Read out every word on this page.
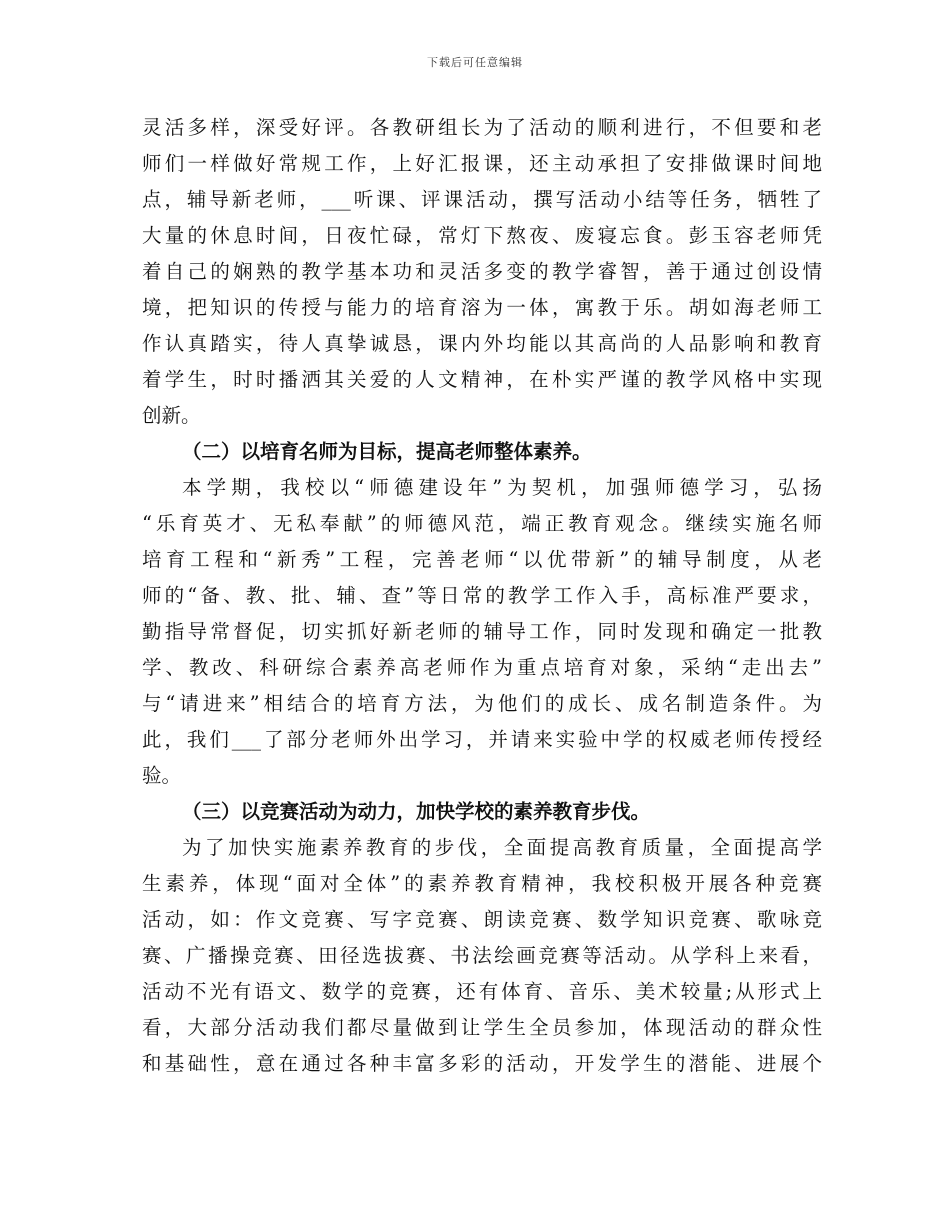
下载后可任意编辑
灵活多样，深受好评。各教研组长为了活动的顺利进行，不但要和老
师们一样做好常规工作，上好汇报课，还主动承担了安排做课时间地
点，辅导新老师，___听课、评课活动，撰写活动小结等任务，牺牲了
大量的休息时间，日夜忙碌，常灯下熬夜、废寝忘食。彭玉容老师凭
着自己的娴熟的教学基本功和灵活多变的教学睿智，善于通过创设情
境，把知识的传授与能力的培育溶为一体，寓教于乐。胡如海老师工
作认真踏实，待人真挚诚恳，课内外均能以其高尚的人品影响和教育
着学生，时时播洒其关爱的人文精神，在朴实严谨的教学风格中实现
创新。
（二）以培育名师为目标，提高老师整体素养。
本学期，我校以“师德建设年”为契机，加强师德学习，弘扬
“乐育英才、无私奉献”的师德风范，端正教育观念。继续实施名师
培育工程和“新秀”工程，完善老师“以优带新”的辅导制度，从老
师的“备、教、批、辅、查”等日常的教学工作入手，高标准严要求，
勤指导常督促，切实抓好新老师的辅导工作，同时发现和确定一批教
学、教改、科研综合素养高老师作为重点培育对象，采纳“走出去”
与“请进来”相结合的培育方法，为他们的成长、成名制造条件。为
此，我们___了部分老师外出学习，并请来实验中学的权威老师传授经
验。
（三）以竞赛活动为动力，加快学校的素养教育步伐。
为了加快实施素养教育的步伐，全面提高教育质量，全面提高学
生素养，体现“面对全体”的素养教育精神，我校积极开展各种竞赛
活动，如：作文竞赛、写字竞赛、朗读竞赛、数学知识竞赛、歌咏竞
赛、广播操竞赛、田径选拔赛、书法绘画竞赛等活动。从学科上来看，
活动不光有语文、数学的竞赛，还有体育、音乐、美术较量;从形式上
看，大部分活动我们都尽量做到让学生全员参加，体现活动的群众性
和基础性，意在通过各种丰富多彩的活动，开发学生的潜能、进展个
